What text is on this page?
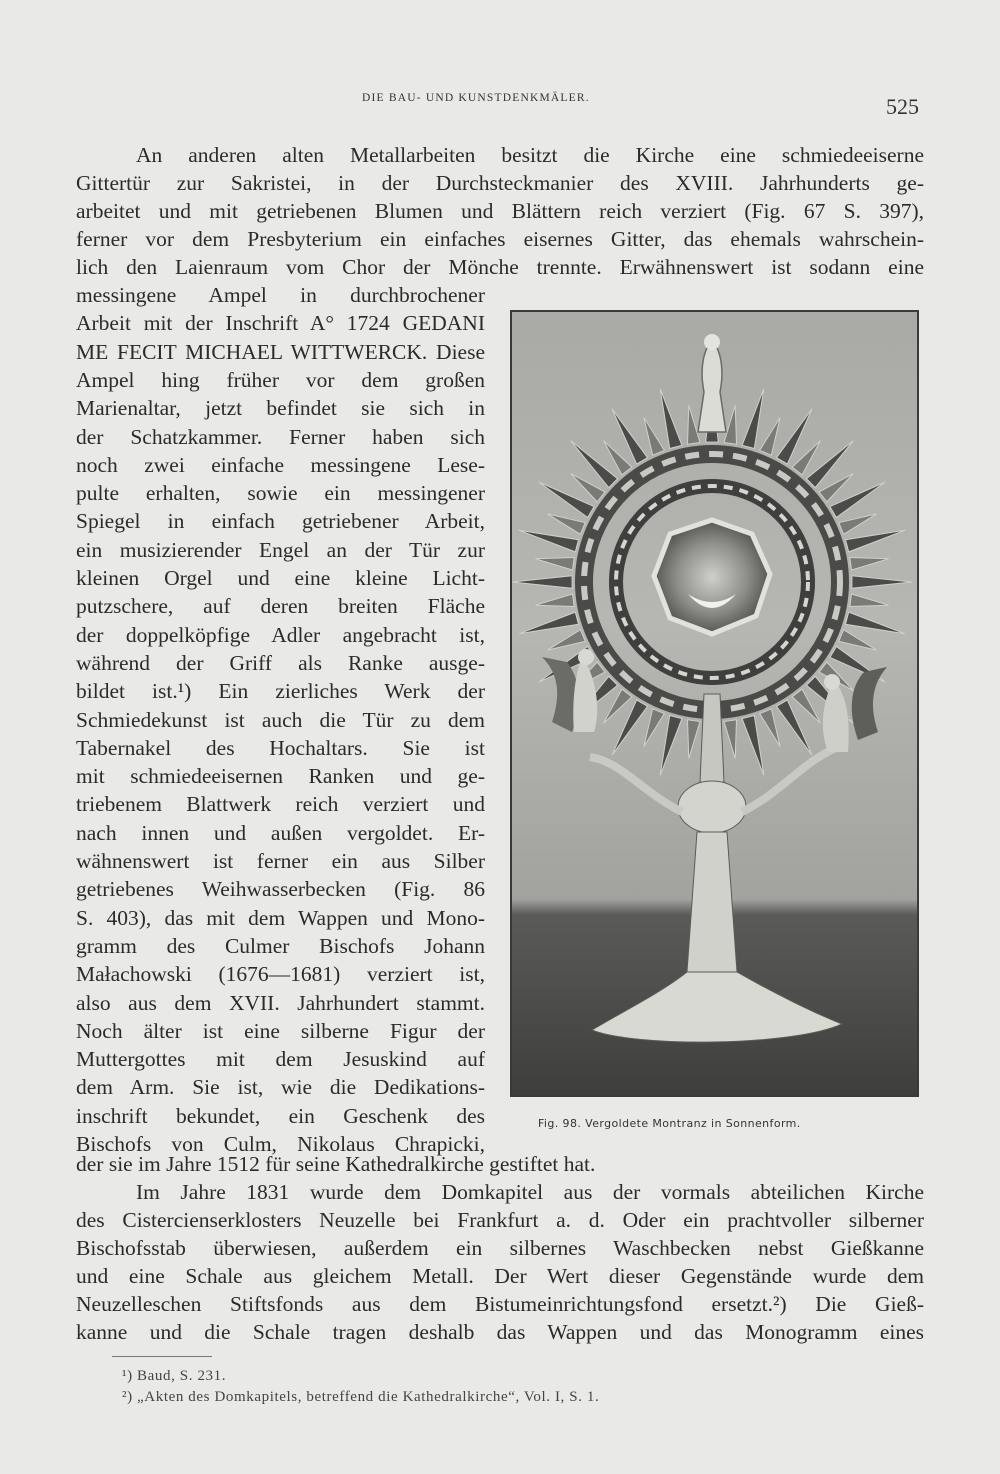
DIE BAU- UND KUNSTDENKMÄLER.	525
An anderen alten Metallarbeiten besitzt die Kirche eine schmiedeeiserne
Gittertür zur Sakristei, in der Durchsteckmanier des XVIII. Jahrhunderts ge-
arbeitet und mit getriebenen Blumen und Blättern reich verziert (Fig. 67 S. 397),
ferner vor dem Presbyterium ein einfaches eisernes Gitter, das ehemals wahrschein-
lich den Laienraum vom Chor der Mönche trennte. Erwähnenswert ist sodann eine
messingene Ampel in durchbrochener
Arbeit mit der Inschrift A° 1724 GEDANI
ME FECIT MICHAEL WITTWERCK. Diese
Ampel hing früher vor dem großen
Marienaltar, jetzt befindet sie sich in
der Schatzkammer. Ferner haben sich
noch zwei einfache messingene Lese-
pulte erhalten, sowie ein messingener
Spiegel in einfach getriebener Arbeit,
ein musizierender Engel an der Tür zur
kleinen Orgel und eine kleine Licht-
putzschere, auf deren breiten Fläche
der doppelköpfige Adler angebracht ist,
während der Griff als Ranke ausge-
bildet ist.¹) Ein zierliches Werk der
Schmiedekunst ist auch die Tür zu dem
Tabernakel des Hochaltars. Sie ist
mit schmiedeeisernen Ranken und ge-
triebenem Blattwerk reich verziert und
nach innen und außen vergoldet. Er-
wähnenswert ist ferner ein aus Silber
getriebenes Weihwasserbecken (Fig. 86
S. 403), das mit dem Wappen und Mono-
gramm des Culmer Bischofs Johann
Małachowski (1676—1681) verziert ist,
also aus dem XVII. Jahrhundert stammt.
Noch älter ist eine silberne Figur der
Muttergottes mit dem Jesuskind auf
dem Arm. Sie ist, wie die Dedikations-
inschrift bekundet, ein Geschenk des
Bischofs von Culm, Nikolaus Chrapicki,
Fig. 98. Vergoldete Montranz in Sonnenform.
der sie im Jahre 1512 für seine Kathedralkirche gestiftet hat.
Im Jahre 1831 wurde dem Domkapitel aus der vormals abteilichen Kirche
des Cistercienserklosters Neuzelle bei Frankfurt a. d. Oder ein prachtvoller silberner
Bischofsstab überwiesen, außerdem ein silbernes Waschbecken nebst Gießkanne
und eine Schale aus gleichem Metall. Der Wert dieser Gegenstände wurde dem
Neuzelleschen Stiftsfonds aus dem Bistumeinrichtungsfond ersetzt.²) Die Gieß-
kanne und die Schale tragen deshalb das Wappen und das Monogramm eines
¹) Baud, S. 231.
²) „Akten des Domkapitels, betreffend die Kathedralkirche“, Vol. I, S. 1.
